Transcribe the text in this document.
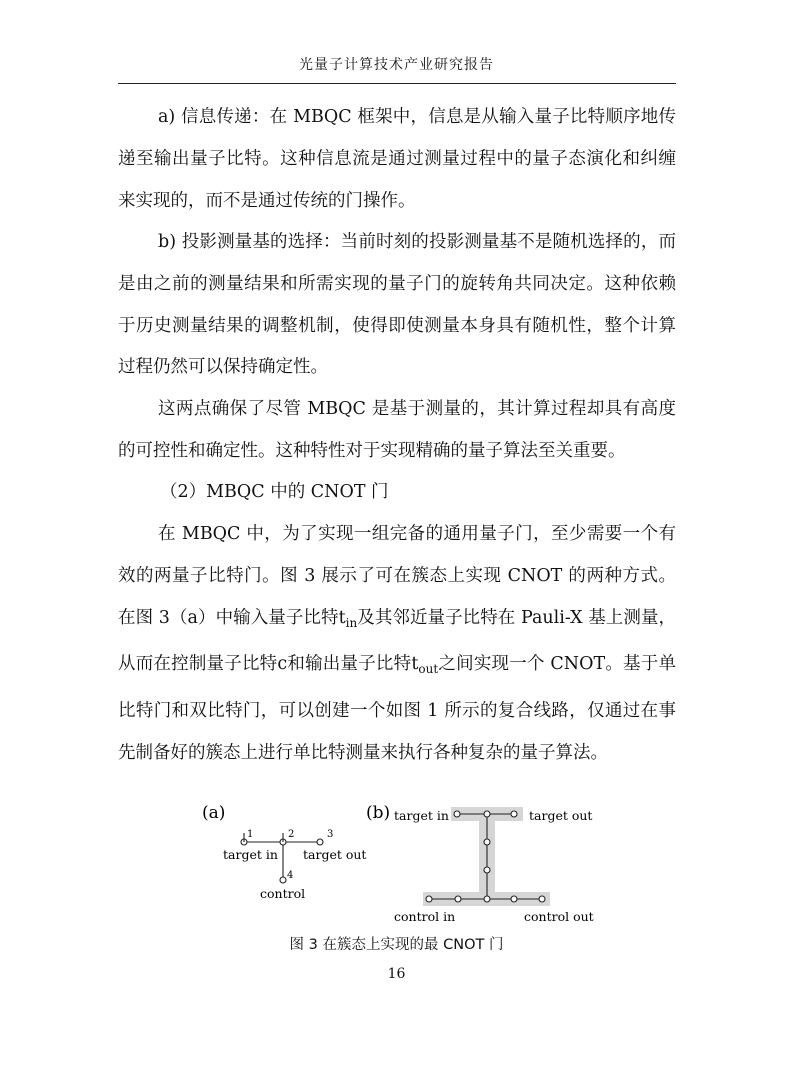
光量子计算技术产业研究报告

a) 信息传递：在 MBQC 框架中，信息是从输入量子比特顺序地传递至输出量子比特。这种信息流是通过测量过程中的量子态演化和纠缠来实现的，而不是通过传统的门操作。

b) 投影测量基的选择：当前时刻的投影测量基不是随机选择的，而是由之前的测量结果和所需实现的量子门的旋转角共同决定。这种依赖于历史测量结果的调整机制，使得即使测量本身具有随机性，整个计算过程仍然可以保持确定性。

这两点确保了尽管 MBQC 是基于测量的，其计算过程却具有高度的可控性和确定性。这种特性对于实现精确的量子算法至关重要。

（2）MBQC 中的 CNOT 门

在 MBQC 中，为了实现一组完备的通用量子门，至少需要一个有效的两量子比特门。图 3 展示了可在簇态上实现 CNOT 的两种方式。在图 3（a）中输入量子比特$t_{in}$及其邻近量子比特在 Pauli-X 基上测量，从而在控制量子比特c和输出量子比特$t_{out}$之间实现一个 CNOT。基于单比特门和双比特门，可以创建一个如图 1 所示的复合线路，仅通过在事先制备好的簇态上进行单比特测量来执行各种复杂的量子算法。

(a)
1	2	3
4
target in target out
control
(b) target in	target out
control in	control out
图 3 在簇态上实现的最 CNOT 门
16
